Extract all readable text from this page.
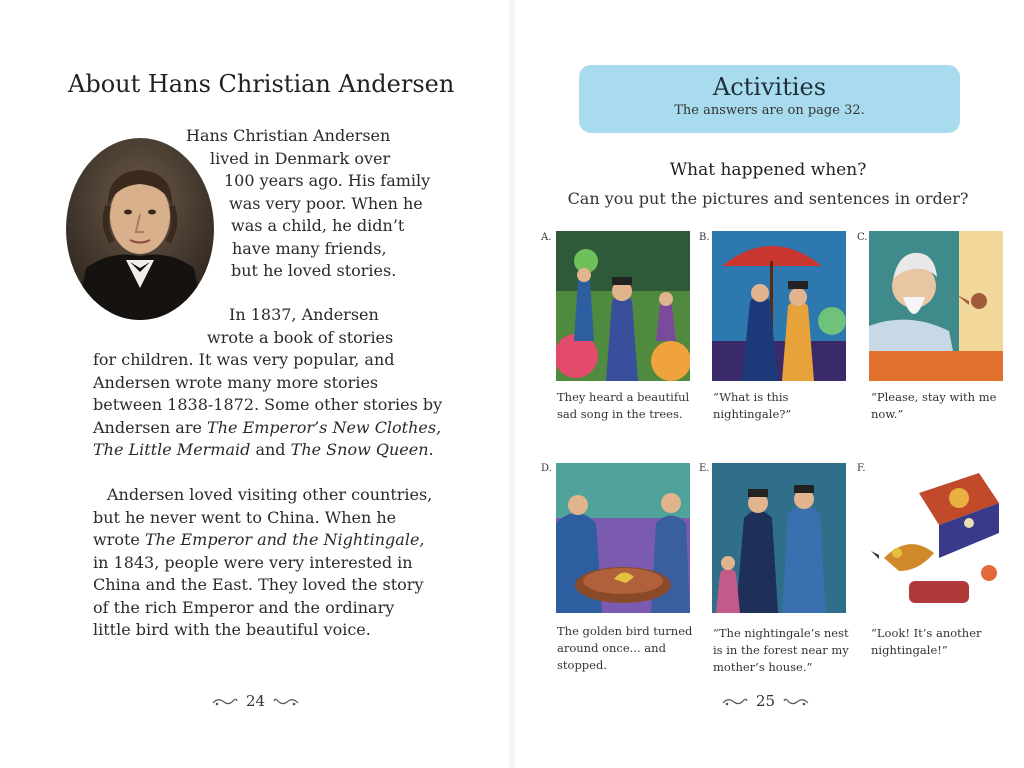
About Hans Christian Andersen

Hans Christian Andersen
lived in Denmark over
100 years ago. His family
was very poor. When he
was a child, he didn’t
have many friends,
but he loved stories.

In 1837, Andersen
wrote a book of stories
for children. It was very popular, and
Andersen wrote many more stories
between 1838-1872. Some other stories by
Andersen are The Emperor’s New Clothes,
The Little Mermaid and The Snow Queen.

Andersen loved visiting other countries,
but he never went to China. When he
wrote The Emperor and the Nightingale,
in 1843, people were very interested in
China and the East. They loved the story
of the rich Emperor and the ordinary
little bird with the beautiful voice.

24
Activities
The answers are on page 32.
What happened when?
Can you put the pictures and sentences in order?
A.
They heard a beautiful
sad song in the trees.
B.
“What is this
nightingale?”
C.
“Please, stay with me
now.”
D.
The golden bird turned
around once... and
stopped.
E.
“The nightingale’s nest
is in the forest near my
mother’s house.”
F.
“Look! It’s another
nightingale!”
25
